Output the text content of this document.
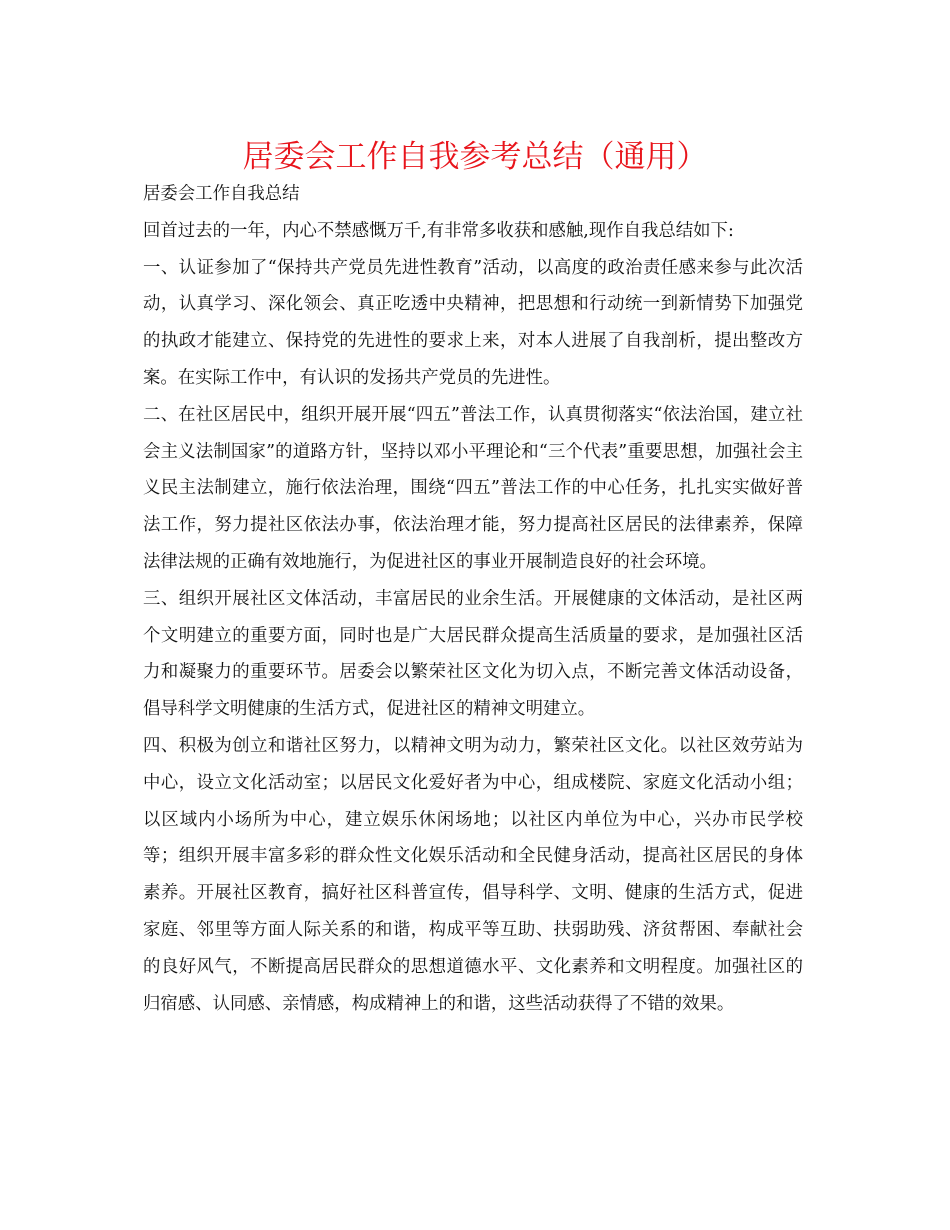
居委会工作自我参考总结（通用）

居委会工作自我总结

回首过去的一年，内心不禁感慨万千,有非常多收获和感触,现作自我总结如下:

一、认证参加了“保持共产党员先进性教育”活动，以高度的政治责任感来参与此次活动，认真学习、深化领会、真正吃透中央精神，把思想和行动统一到新情势下加强党的执政才能建立、保持党的先进性的要求上来，对本人进展了自我剖析，提出整改方案。在实际工作中，有认识的发扬共产党员的先进性。

二、在社区居民中，组织开展开展“四五”普法工作，认真贯彻落实“依法治国，建立社会主义法制国家”的道路方针，坚持以邓小平理论和“三个代表”重要思想，加强社会主义民主法制建立，施行依法治理，围绕“四五”普法工作的中心任务，扎扎实实做好普法工作，努力提社区依法办事，依法治理才能，努力提高社区居民的法律素养，保障法律法规的正确有效地施行，为促进社区的事业开展制造良好的社会环境。

三、组织开展社区文体活动，丰富居民的业余生活。开展健康的文体活动，是社区两个文明建立的重要方面，同时也是广大居民群众提高生活质量的要求，是加强社区活力和凝聚力的重要环节。居委会以繁荣社区文化为切入点，不断完善文体活动设备，倡导科学文明健康的生活方式，促进社区的精神文明建立。

四、积极为创立和谐社区努力，以精神文明为动力，繁荣社区文化。以社区效劳站为中心，设立文化活动室；以居民文化爱好者为中心，组成楼院、家庭文化活动小组；以区域内小场所为中心，建立娱乐休闲场地；以社区内单位为中心，兴办市民学校等；组织开展丰富多彩的群众性文化娱乐活动和全民健身活动，提高社区居民的身体素养。开展社区教育，搞好社区科普宣传，倡导科学、文明、健康的生活方式，促进家庭、邻里等方面人际关系的和谐，构成平等互助、扶弱助残、济贫帮困、奉献社会的良好风气，不断提高居民群众的思想道德水平、文化素养和文明程度。加强社区的归宿感、认同感、亲情感，构成精神上的和谐，这些活动获得了不错的效果。
